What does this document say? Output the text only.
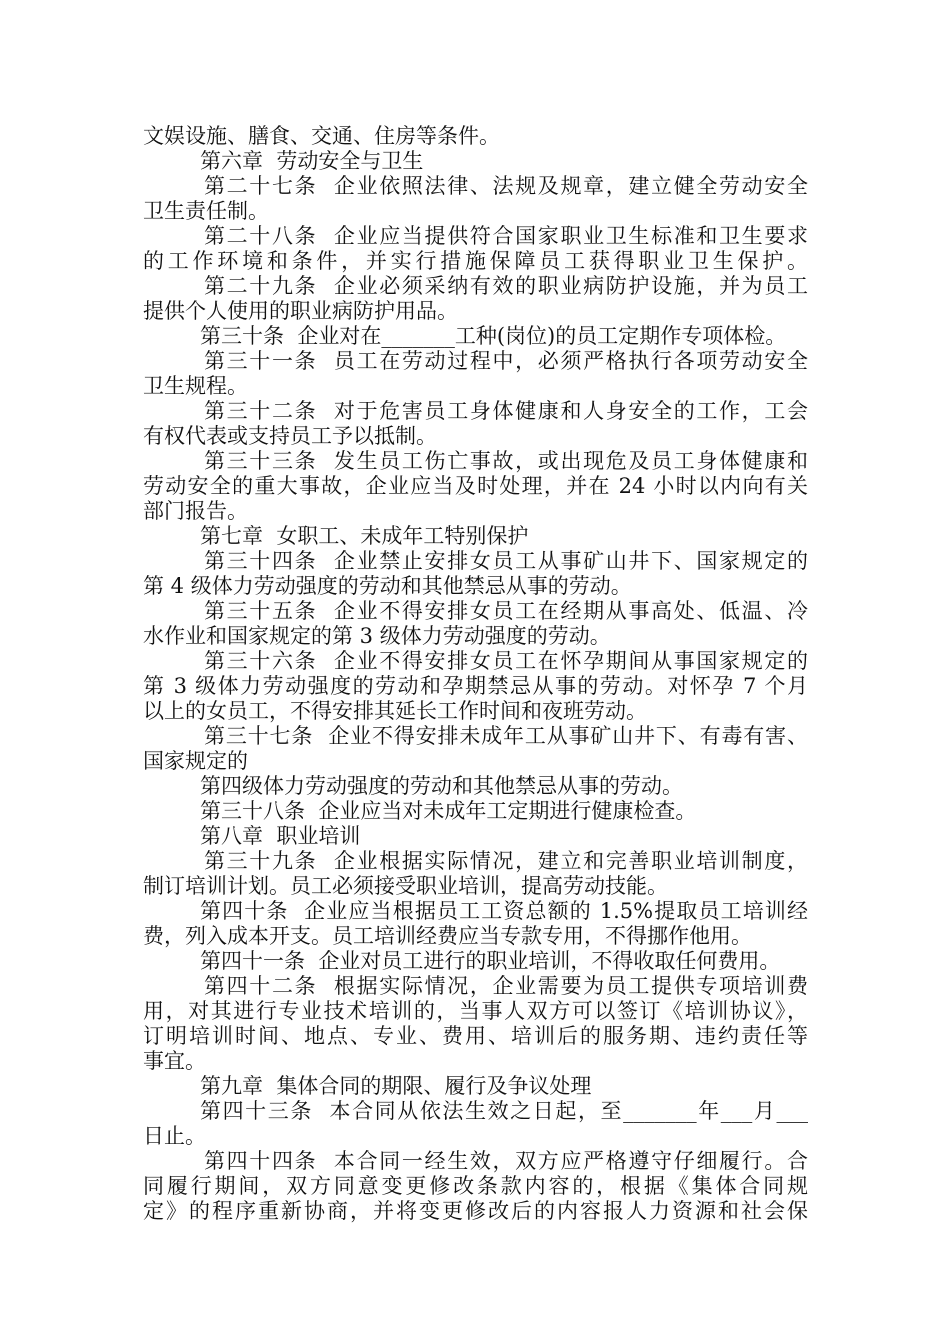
文娱设施、膳食、交通、住房等条件。
第六章  劳动安全与卫生
第二十七条  企业依照法律、法规及规章，建立健全劳动安全
卫生责任制。
第二十八条  企业应当提供符合国家职业卫生标准和卫生要求
的工作环境和条件，并实行措施保障员工获得职业卫生保护。
第二十九条  企业必须采纳有效的职业病防护设施，并为员工
提供个人使用的职业病防护用品。
第三十条  企业对在_______工种(岗位)的员工定期作专项体检。
第三十一条  员工在劳动过程中，必须严格执行各项劳动安全
卫生规程。
第三十二条  对于危害员工身体健康和人身安全的工作，工会
有权代表或支持员工予以抵制。
第三十三条  发生员工伤亡事故，或出现危及员工身体健康和
劳动安全的重大事故，企业应当及时处理，并在 24 小时以内向有关
部门报告。
第七章  女职工、未成年工特别保护
第三十四条  企业禁止安排女员工从事矿山井下、国家规定的
第 4 级体力劳动强度的劳动和其他禁忌从事的劳动。
第三十五条  企业不得安排女员工在经期从事高处、低温、冷
水作业和国家规定的第 3 级体力劳动强度的劳动。
第三十六条  企业不得安排女员工在怀孕期间从事国家规定的
第 3 级体力劳动强度的劳动和孕期禁忌从事的劳动。对怀孕 7 个月
以上的女员工，不得安排其延长工作时间和夜班劳动。
第三十七条  企业不得安排未成年工从事矿山井下、有毒有害、
国家规定的
第四级体力劳动强度的劳动和其他禁忌从事的劳动。
第三十八条  企业应当对未成年工定期进行健康检查。
第八章  职业培训
第三十九条  企业根据实际情况，建立和完善职业培训制度，
制订培训计划。员工必须接受职业培训，提高劳动技能。
第四十条  企业应当根据员工工资总额的 1.5%提取员工培训经
费，列入成本开支。员工培训经费应当专款专用，不得挪作他用。
第四十一条  企业对员工进行的职业培训，不得收取任何费用。
第四十二条  根据实际情况，企业需要为员工提供专项培训费
用，对其进行专业技术培训的，当事人双方可以签订《培训协议》，
订明培训时间、地点、专业、费用、培训后的服务期、违约责任等
事宜。
第九章  集体合同的期限、履行及争议处理
第四十三条  本合同从依法生效之日起，至_______年___月___
日止。
第四十四条  本合同一经生效，双方应严格遵守仔细履行。合
同履行期间，双方同意变更修改条款内容的，根据《集体合同规
定》的程序重新协商，并将变更修改后的内容报人力资源和社会保
